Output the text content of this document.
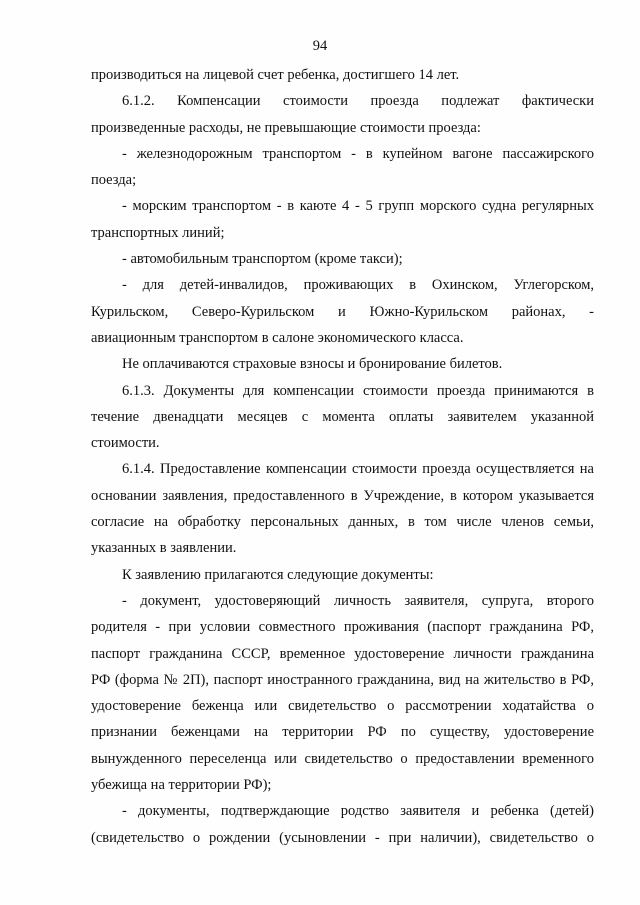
94
производиться на лицевой счет ребенка, достигшего 14 лет.
6.1.2. Компенсации стоимости проезда подлежат фактически
произведенные расходы, не превышающие стоимости проезда:
- железнодорожным транспортом - в купейном вагоне пассажирского
поезда;
- морским транспортом - в каюте 4 - 5 групп морского судна регулярных
транспортных линий;
- автомобильным транспортом (кроме такси);
- для детей-инвалидов, проживающих в Охинском, Углегорском,
Курильском, Северо-Курильском и Южно-Курильском районах, -
авиационным транспортом в салоне экономического класса.
Не оплачиваются страховые взносы и бронирование билетов.
6.1.3. Документы для компенсации стоимости проезда принимаются в
течение двенадцати месяцев с момента оплаты заявителем указанной
стоимости.
6.1.4. Предоставление компенсации стоимости проезда осуществляется на
основании заявления, предоставленного в Учреждение, в котором указывается
согласие на обработку персональных данных, в том числе членов семьи,
указанных в заявлении.
К заявлению прилагаются следующие документы:
- документ, удостоверяющий личность заявителя, супруга, второго
родителя - при условии совместного проживания (паспорт гражданина РФ,
паспорт гражданина СССР, временное удостоверение личности гражданина
РФ (форма № 2П), паспорт иностранного гражданина, вид на жительство в РФ,
удостоверение беженца или свидетельство о рассмотрении ходатайства о
признании беженцами на территории РФ по существу, удостоверение
вынужденного переселенца или свидетельство о предоставлении временного
убежища на территории РФ);
- документы, подтверждающие родство заявителя и ребенка (детей)
(свидетельство о рождении (усыновлении - при наличии), свидетельство о
